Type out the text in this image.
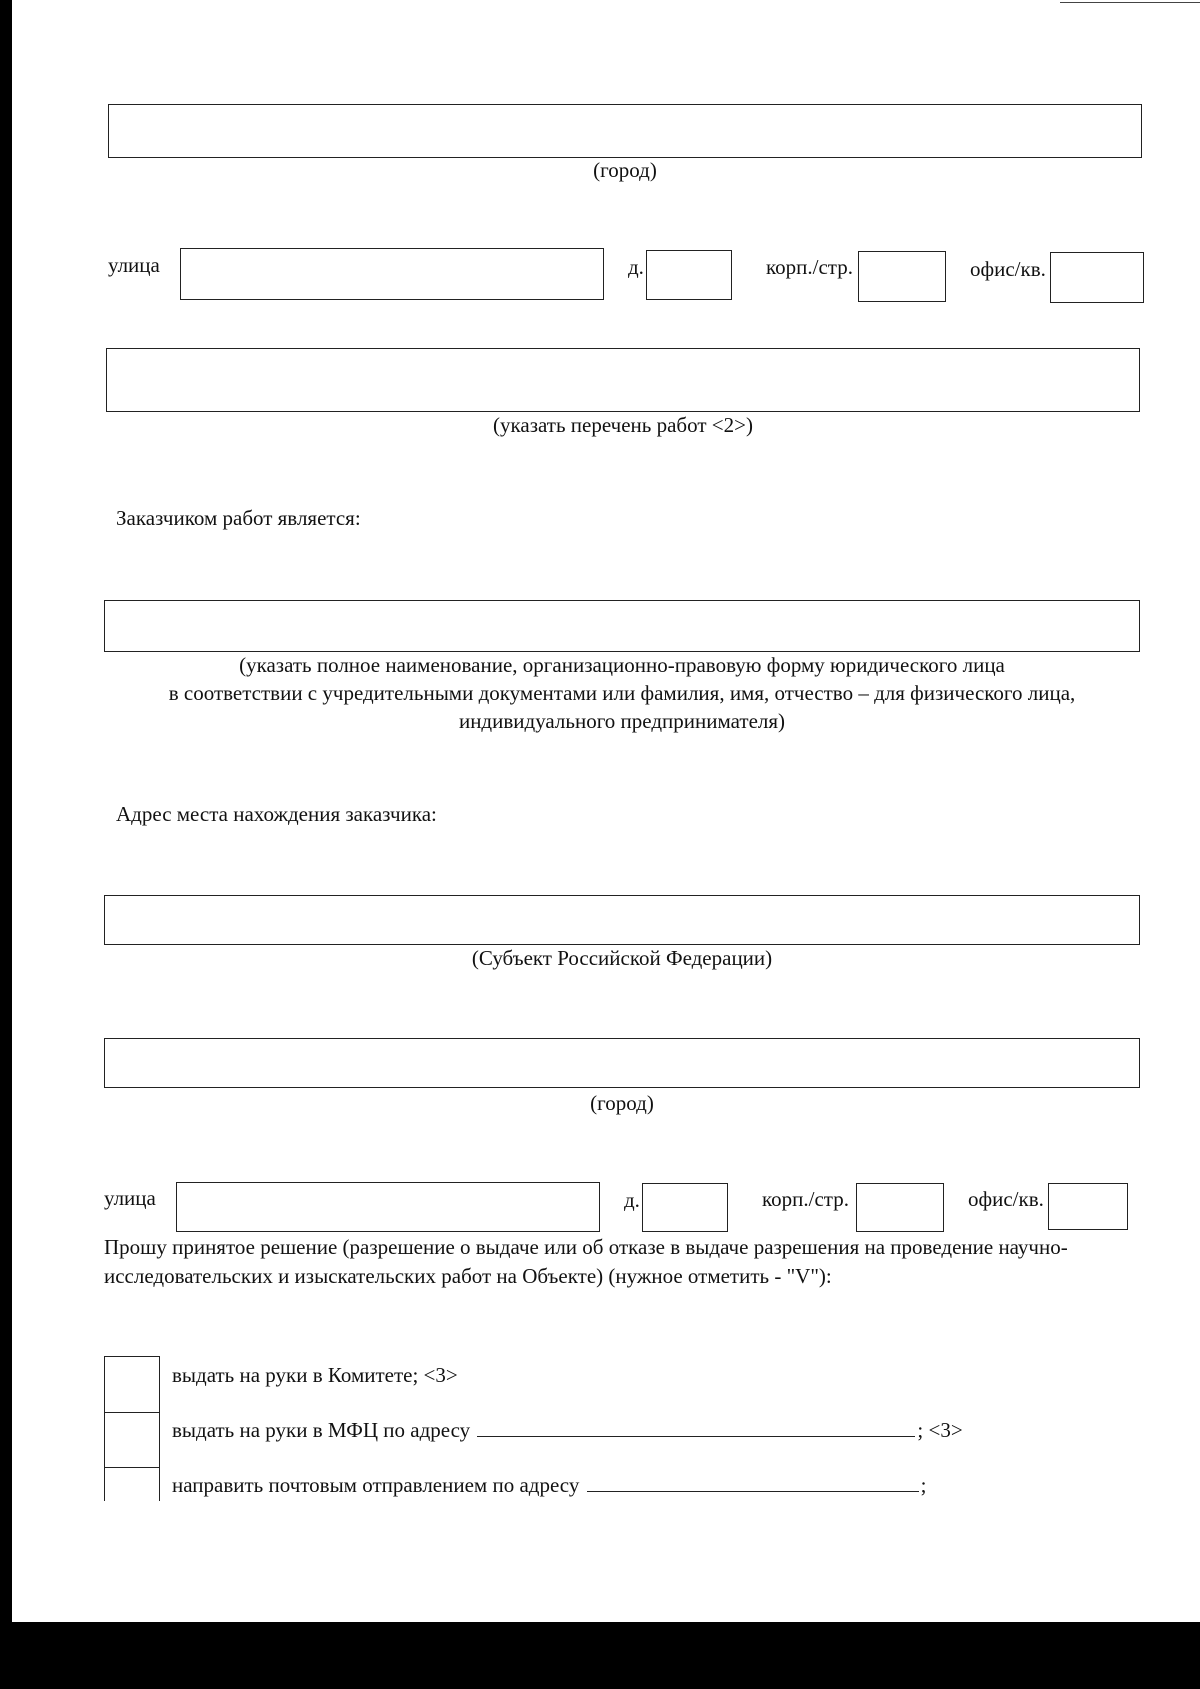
(город)
улица	д.	корп./стр.	офис/кв.
(указать перечень работ <2>)
Заказчиком работ является:
(указать полное наименование, организационно-правовую форму юридического лица
в соответствии с учредительными документами или фамилия, имя, отчество – для физического лица,
индивидуального предпринимателя)
Адрес места нахождения заказчика:
(Субъект Российской Федерации)
(город)
улица	д.	корп./стр.	офис/кв.
Прошу принятое решение (разрешение о выдаче или об отказе в выдаче разрешения на проведение научно-
исследовательских и изыскательских работ на Объекте) (нужное отметить - "V"):
выдать на руки в Комитете; <3>
выдать на руки в МФЦ по адресу	; <3>
направить почтовым отправлением по адресу	;
